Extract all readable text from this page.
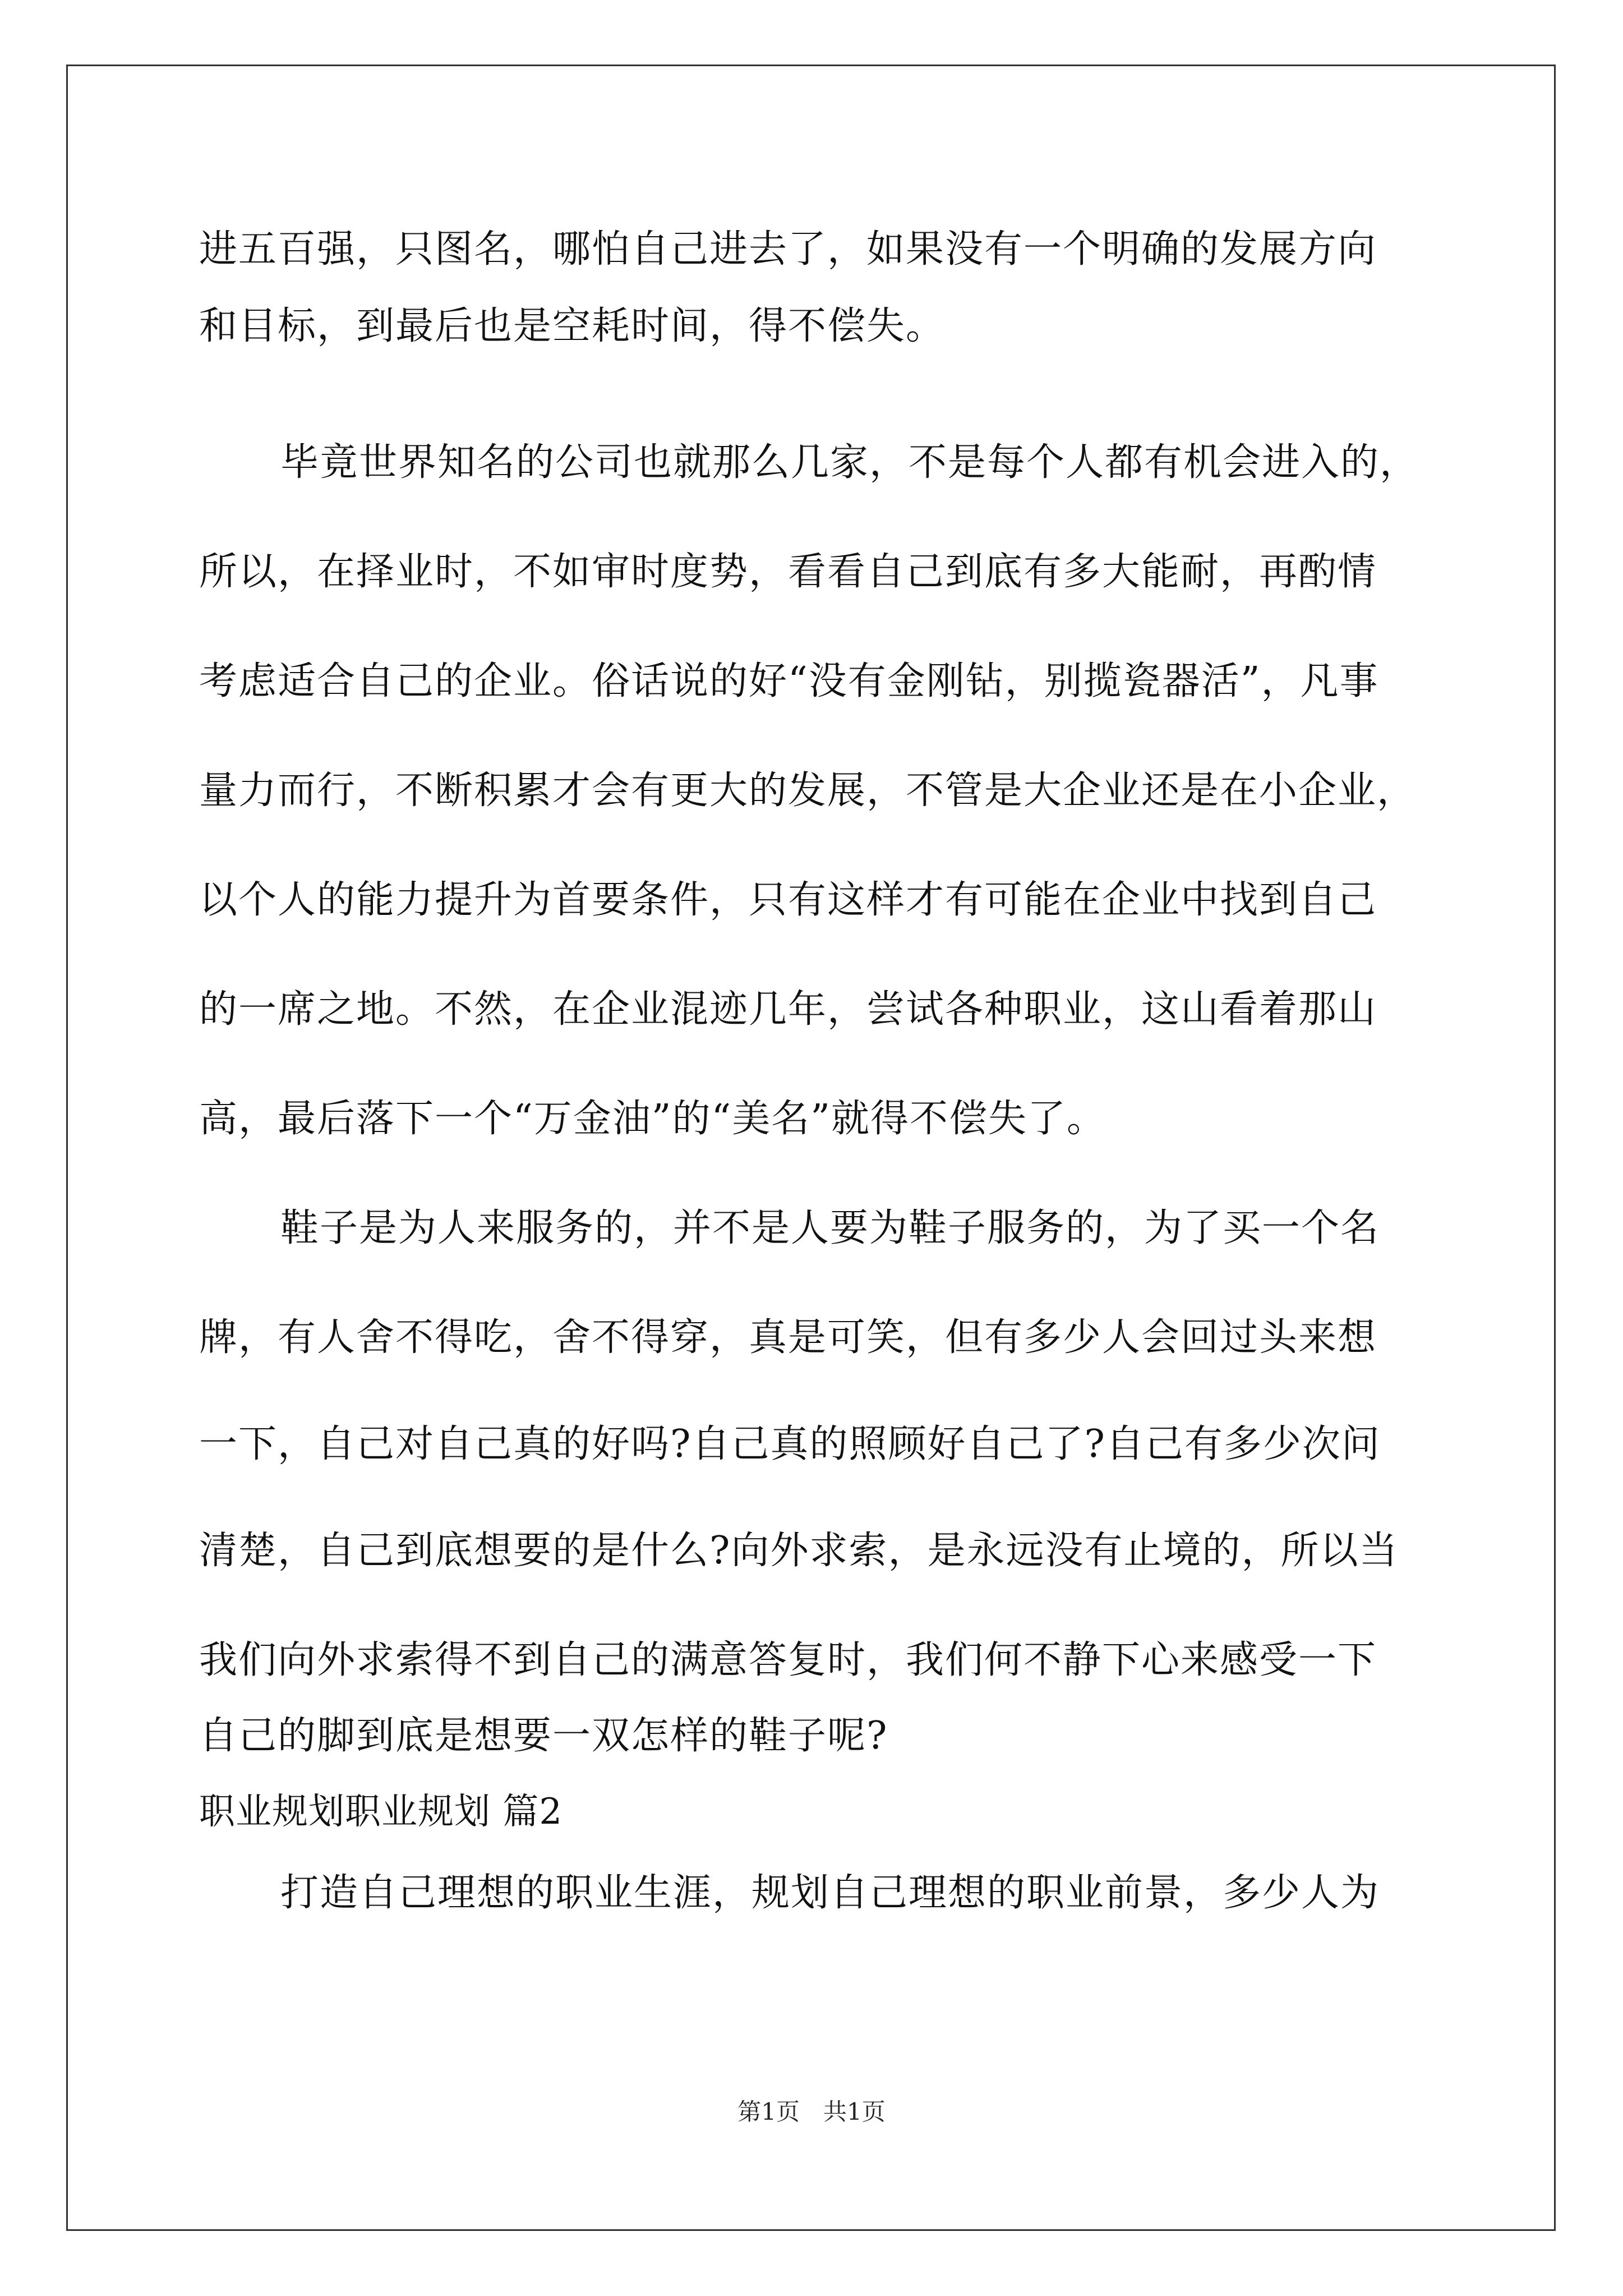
进五百强，只图名，哪怕自己进去了，如果没有一个明确的发展方向
和目标，到最后也是空耗时间，得不偿失。
毕竟世界知名的公司也就那么几家，不是每个人都有机会进入的，
所以，在择业时，不如审时度势，看看自己到底有多大能耐，再酌情
考虑适合自己的企业。俗话说的好“没有金刚钻，别揽瓷器活”，凡事
量力而行，不断积累才会有更大的发展，不管是大企业还是在小企业，
以个人的能力提升为首要条件，只有这样才有可能在企业中找到自己
的一席之地。不然，在企业混迹几年，尝试各种职业，这山看着那山
高，最后落下一个“万金油”的“美名”就得不偿失了。
鞋子是为人来服务的，并不是人要为鞋子服务的，为了买一个名
牌，有人舍不得吃，舍不得穿，真是可笑，但有多少人会回过头来想
一下，自己对自己真的好吗?自己真的照顾好自己了?自己有多少次问
清楚，自己到底想要的是什么?向外求索，是永远没有止境的，所以当
我们向外求索得不到自己的满意答复时，我们何不静下心来感受一下
自己的脚到底是想要一双怎样的鞋子呢?
职业规划职业规划 篇2
打造自己理想的职业生涯，规划自己理想的职业前景，多少人为
第1页　共1页
